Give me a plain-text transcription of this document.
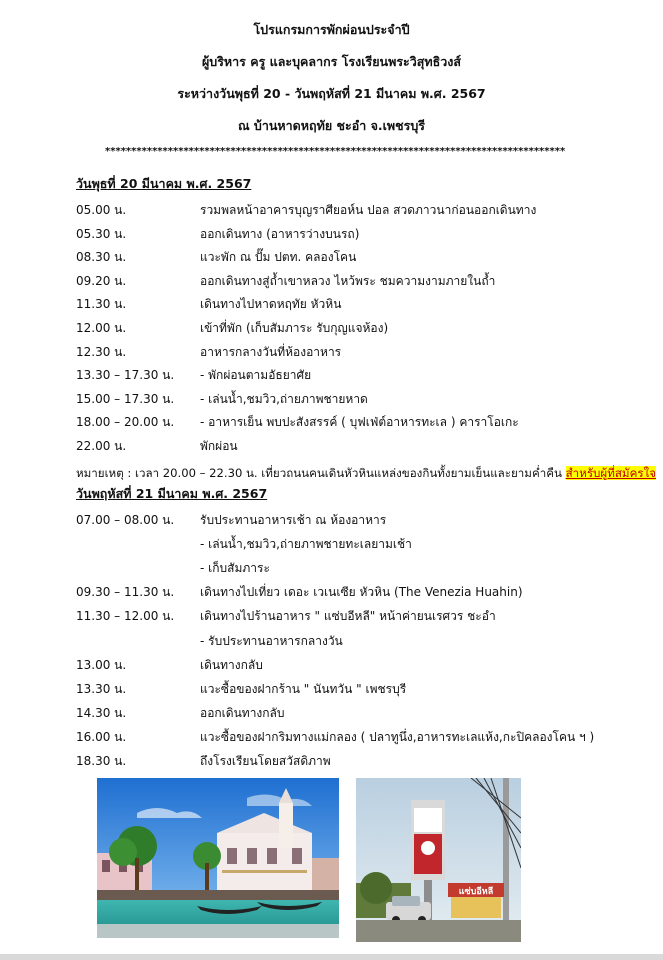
โปรแกรมการพักผ่อนประจำปี
ผู้บริหาร ครู และบุคลากร โรงเรียนพระวิสุทธิวงส์
ระหว่างวันพุธที่ 20 - วันพฤหัสที่ 21 มีนาคม พ.ศ. 2567
ณ บ้านหาดหฤทัย ชะอำ จ.เพชรบุรี
****************************************************************************************
วันพุธที่ 20 มีนาคม พ.ศ. 2567
05.00 น.	รวมพลหน้าอาคารบุญราศียอห์น ปอล สวดภาวนาก่อนออกเดินทาง
05.30 น.	ออกเดินทาง (อาหารว่างบนรถ)
08.30 น.	แวะพัก ณ ปั๊ม ปตท. คลองโคน
09.20 น.	ออกเดินทางสู่ถ้ำเขาหลวง ไหว้พระ ชมความงามภายในถ้ำ
11.30 น.	เดินทางไปหาดหฤทัย หัวหิน
12.00 น.	เข้าที่พัก (เก็บสัมภาระ รับกุญแจห้อง)
12.30 น.	อาหารกลางวันที่ห้องอาหาร
13.30 – 17.30 น. - พักผ่อนตามอัธยาศัย
15.00 – 17.30 น. - เล่นน้ำ,ชมวิว,ถ่ายภาพชายหาด
18.00 – 20.00 น. - อาหารเย็น พบปะสังสรรค์ ( บุฟเฟ่ต์อาหารทะเล ) คาราโอเกะ
22.00 น.	พักผ่อน
หมายเหตุ : เวลา 20.00 – 22.30 น. เที่ยวถนนคนเดินหัวหินแหล่งของกินทั้งยามเย็นและยามค่ำคืน สำหรับผู้ที่สมัครใจ
วันพฤหัสที่ 21 มีนาคม พ.ศ. 2567
07.00 – 08.00 น. รับประทานอาหารเช้า ณ ห้องอาหาร
- เล่นน้ำ,ชมวิว,ถ่ายภาพชายทะเลยามเช้า
- เก็บสัมภาระ
09.30 – 11.30 น. เดินทางไปเที่ยว เดอะ เวเนเซีย หัวหิน (The Venezia Huahin)
11.30 – 12.00 น. เดินทางไปร้านอาหาร " แซ่บอีหลี" หน้าค่ายนเรศวร ชะอำ
- รับประทานอาหารกลางวัน
13.00 น.	เดินทางกลับ
13.30 น.	แวะซื้อของฝากร้าน " นันทวัน " เพชรบุรี
14.30 น.	ออกเดินทางกลับ
16.00 น.	แวะซื้อของฝากริมทางแม่กลอง ( ปลาทูนึ่ง,อาหารทะเลแห้ง,กะปิคลองโคน ฯ )
18.30 น.	ถึงโรงเรียนโดยสวัสดิภาพ
แซ่บอีหลี
